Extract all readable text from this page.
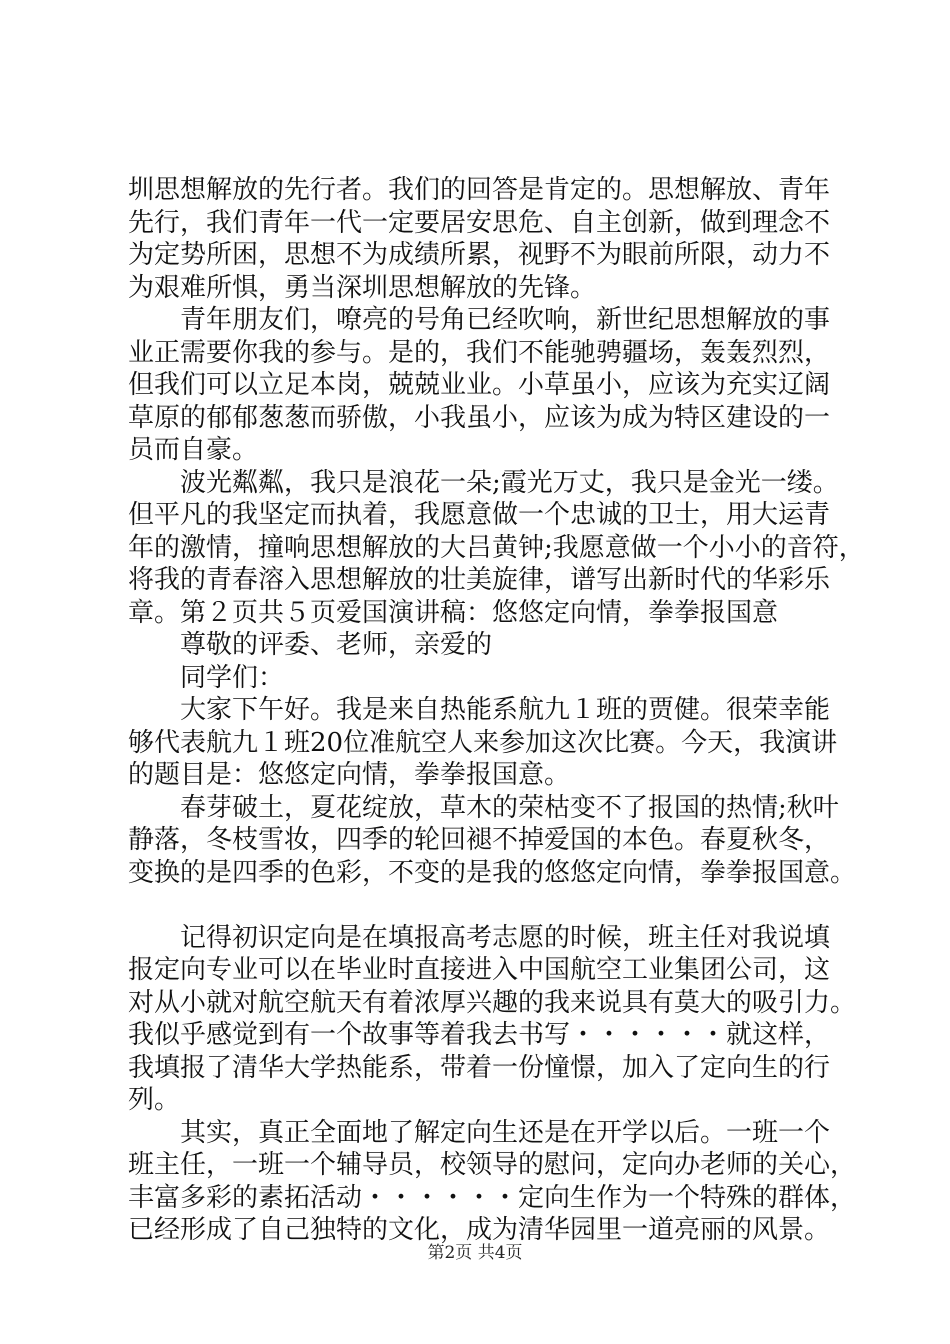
圳思想解放的先行者。我们的回答是肯定的。思想解放、青年
先行，我们青年一代一定要居安思危、自主创新，做到理念不
为定势所困，思想不为成绩所累，视野不为眼前所限，动力不
为艰难所惧，勇当深圳思想解放的先锋。
　　青年朋友们，嘹亮的号角已经吹响，新世纪思想解放的事
业正需要你我的参与。是的，我们不能驰骋疆场，轰轰烈烈，
但我们可以立足本岗，兢兢业业。小草虽小，应该为充实辽阔
草原的郁郁葱葱而骄傲，小我虽小，应该为成为特区建设的一
员而自豪。
　　波光粼粼，我只是浪花一朵;霞光万丈，我只是金光一缕。
但平凡的我坚定而执着，我愿意做一个忠诚的卫士，用大运青
年的激情，撞响思想解放的大吕黄钟;我愿意做一个小小的音符，
将我的青春溶入思想解放的壮美旋律，谱写出新时代的华彩乐
章。第２页共５页爱国演讲稿：悠悠定向情，拳拳报国意
　　尊敬的评委、老师，亲爱的
　　同学们：
　　大家下午好。我是来自热能系航九１班的贾健。很荣幸能
够代表航九１班20位准航空人来参加这次比赛。今天，我演讲
的题目是：悠悠定向情，拳拳报国意。
　　春芽破土，夏花绽放，草木的荣枯变不了报国的热情;秋叶
静落，冬枝雪妆，四季的轮回褪不掉爱国的本色。春夏秋冬，
变换的是四季的色彩，不变的是我的悠悠定向情，拳拳报国意。
　　记得初识定向是在填报高考志愿的时候，班主任对我说填
报定向专业可以在毕业时直接进入中国航空工业集团公司，这
对从小就对航空航天有着浓厚兴趣的我来说具有莫大的吸引力。
我似乎感觉到有一个故事等着我去书写・・・・・・就这样，
我填报了清华大学热能系，带着一份憧憬，加入了定向生的行
列。
　　其实，真正全面地了解定向生还是在开学以后。一班一个
班主任，一班一个辅导员，校领导的慰问，定向办老师的关心，
丰富多彩的素拓活动・・・・・・定向生作为一个特殊的群体，
已经形成了自己独特的文化，成为清华园里一道亮丽的风景。
第2页 共4页
